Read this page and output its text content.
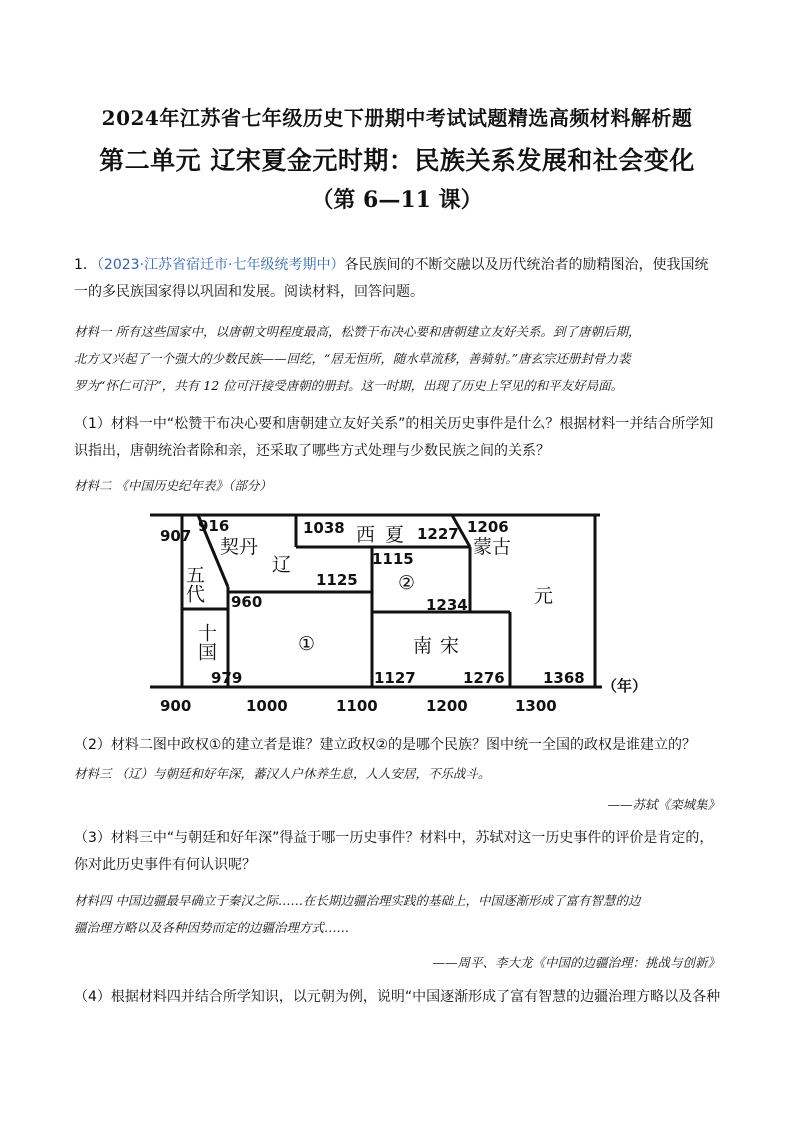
2024年江苏省七年级历史下册期中考试试题精选高频材料解析题
第二单元 辽宋夏金元时期：民族关系发展和社会变化
（第 6—11 课）
1．（2023·江苏省宿迁市·七年级统考期中）各民族间的不断交融以及历代统治者的励精图治，使我国统
一的多民族国家得以巩固和发展。阅读材料，回答问题。
材料一 所有这些国家中，以唐朝文明程度最高，松赞干布决心要和唐朝建立友好关系。到了唐朝后期，
北方又兴起了一个强大的少数民族——回纥，“居无恒所，随水草流移，善骑射。”唐玄宗还册封骨力裴
罗为“怀仁可汗”，共有 12 位可汗接受唐朝的册封。这一时期，出现了历史上罕见的和平友好局面。
（1）材料一中“松赞干布决心要和唐朝建立友好关系”的相关历史事件是什么？根据材料一并结合所学知
识指出，唐朝统治者除和亲，还采取了哪些方式处理与少数民族之间的关系？
材料二 《中国历史纪年表》（部分）
907
916	1038	1227 1206
1115
1125
960	1234
979	1127	1276	1368
契丹
辽
西夏
②
蒙古
元
①	南宋
五代
十国
900	1000	1100	1200	1300
（年）
（2）材料二图中政权①的建立者是谁？建立政权②的是哪个民族？图中统一全国的政权是谁建立的？
材料三 （辽）与朝廷和好年深，蕃汉人户休养生息，人人安居，不乐战斗。
——苏轼《栾城集》
（3）材料三中“与朝廷和好年深”得益于哪一历史事件？材料中，苏轼对这一历史事件的评价是肯定的，
你对此历史事件有何认识呢？
材料四 中国边疆最早确立于秦汉之际……在长期边疆治理实践的基础上，中国逐渐形成了富有智慧的边
疆治理方略以及各种因势而定的边疆治理方式……
——周平、李大龙《中国的边疆治理：挑战与创新》
（4）根据材料四并结合所学知识，以元朝为例，说明“中国逐渐形成了富有智慧的边疆治理方略以及各种
